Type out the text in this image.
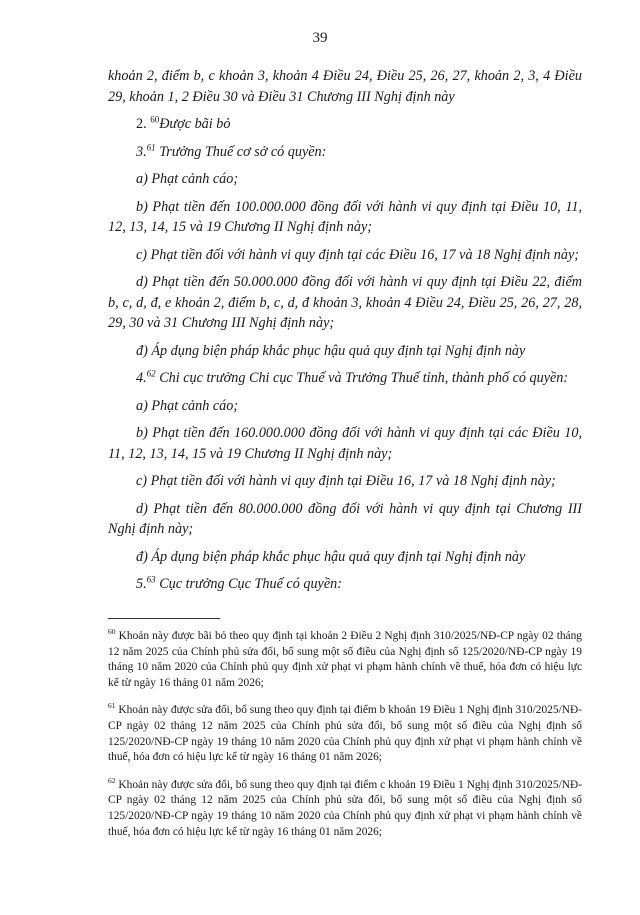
39

khoản 2, điểm b, c khoản 3, khoản 4 Điều 24, Điều 25, 26, 27, khoản 2, 3, 4 Điều 29, khoản 1, 2 Điều 30 và Điều 31 Chương III Nghị định này

2. $^{60}$Được bãi bỏ

3.61 Trưởng Thuế cơ sở có quyền:

a) Phạt cảnh cáo;

b) Phạt tiền đến 100.000.000 đồng đối với hành vi quy định tại Điều 10, 11, 12, 13, 14, 15 và 19 Chương II Nghị định này;

c) Phạt tiền đối với hành vi quy định tại các Điều 16, 17 và 18 Nghị định này;

d) Phạt tiền đến 50.000.000 đồng đối với hành vi quy định tại Điều 22, điểm b, c, d, đ, e khoản 2, điểm b, c, d, đ khoản 3, khoản 4 Điều 24, Điều 25, 26, 27, 28, 29, 30 và 31 Chương III Nghị định này;

đ) Áp dụng biện pháp khắc phục hậu quả quy định tại Nghị định này

4.62 Chi cục trưởng Chi cục Thuế và Trưởng Thuế tỉnh, thành phố có quyền:

a) Phạt cảnh cáo;

b) Phạt tiền đến 160.000.000 đồng đối với hành vi quy định tại các Điều 10, 11, 12, 13, 14, 15 và 19 Chương II Nghị định này;

c) Phạt tiền đối với hành vi quy định tại Điều 16, 17 và 18 Nghị định này;

d) Phạt tiền đến 80.000.000 đồng đối với hành vi quy định tại Chương III Nghị định này;

đ) Áp dụng biện pháp khắc phục hậu quả quy định tại Nghị định này

5.63 Cục trưởng Cục Thuế có quyền:

$^{60}$ Khoản này được bãi bỏ theo quy định tại khoản 2 Điều 2 Nghị định 310/2025/NĐ-CP ngày 02 tháng 12 năm 2025 của Chính phủ sửa đổi, bổ sung một số điều của Nghị định số 125/2020/NĐ-CP ngày 19 tháng 10 năm 2020 của Chính phủ quy định xử phạt vi phạm hành chính về thuế, hóa đơn có hiệu lực kể từ ngày 16 tháng 01 năm 2026;

$^{61}$ Khoản này được sửa đổi, bổ sung theo quy định tại điểm b khoản 19 Điều 1 Nghị định 310/2025/NĐ-CP ngày 02 tháng 12 năm 2025 của Chính phủ sửa đổi, bổ sung một số điều của Nghị định số 125/2020/NĐ-CP ngày 19 tháng 10 năm 2020 của Chính phủ quy định xử phạt vi phạm hành chính về thuế, hóa đơn có hiệu lực kể từ ngày 16 tháng 01 năm 2026;

$^{62}$ Khoản này được sửa đổi, bổ sung theo quy định tại điểm c khoản 19 Điều 1 Nghị định 310/2025/NĐ-CP ngày 02 tháng 12 năm 2025 của Chính phủ sửa đổi, bổ sung một số điều của Nghị định số 125/2020/NĐ-CP ngày 19 tháng 10 năm 2020 của Chính phủ quy định xử phạt vi phạm hành chính về thuế, hóa đơn có hiệu lực kể từ ngày 16 tháng 01 năm 2026;
